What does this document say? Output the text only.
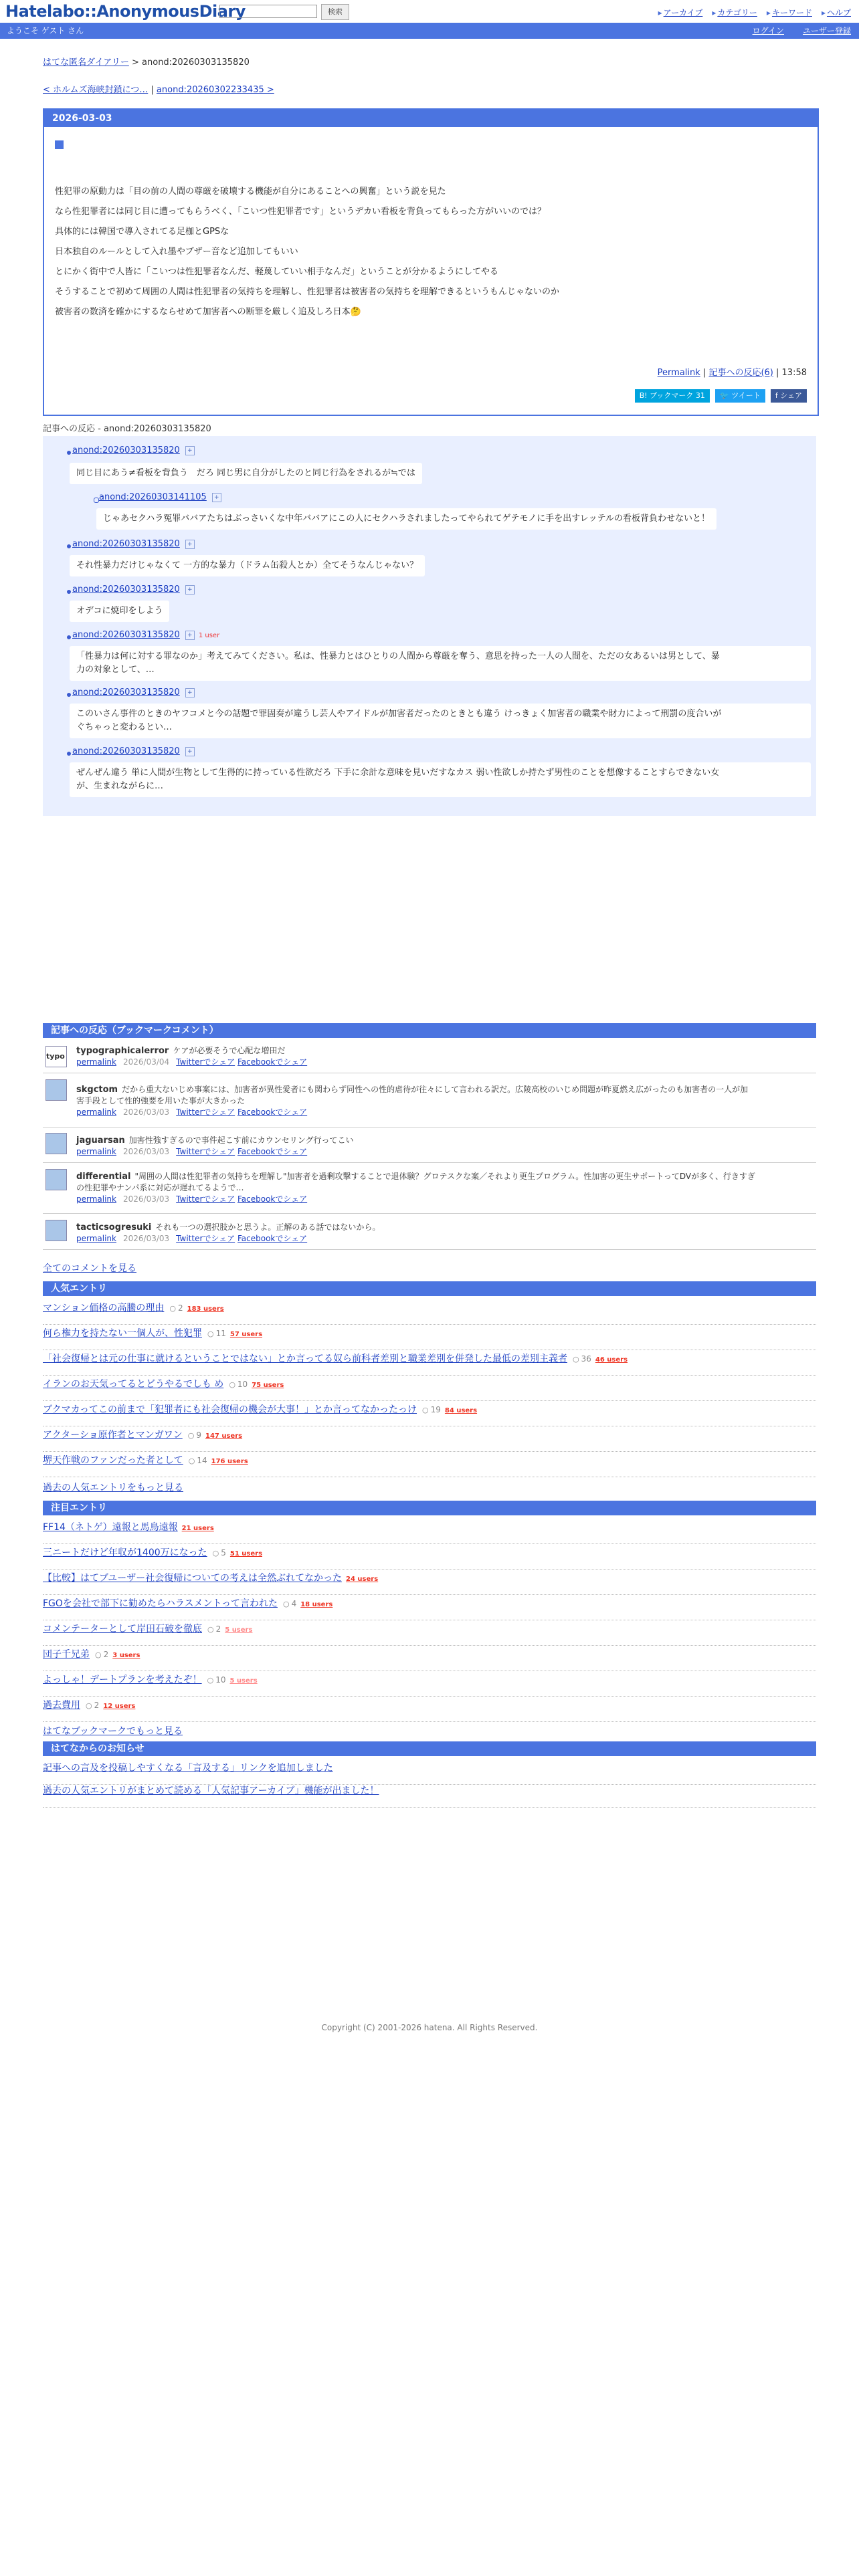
Hatelabo::AnonymousDiary	検索	▸ アーカイブ ▸ カテゴリー ▸ キーワード ▸ ヘルプ
ようこそ ゲスト さん	ログイン ユーザー登録
はてな匿名ダイアリー > anond:20260303135820
< ホルムズ海峡封鎖につ… | anond:20260302233435 >
2026-03-03
性犯罪の原動力は「目の前の人間の尊厳を破壊する機能が自分にあることへの興奮」という説を見た
なら性犯罪者には同じ目に遭ってもらうべく、「こいつ性犯罪者です」というデカい看板を背負ってもらった方がいいのでは？
具体的には韓国で導入されてる足枷とGPSな
日本独自のルールとして入れ墨やブザー音など追加してもいい
とにかく街中で人皆に「こいつは性犯罪者なんだ、軽蔑していい相手なんだ」ということが分かるようにしてやる
そうすることで初めて周囲の人間は性犯罪者の気持ちを理解し、性犯罪者は被害者の気持ちを理解できるというもんじゃないのか
被害者の数済を確かにするならせめて加害者への断罪を厳しく追及しろ日本🤔
Permalink | 記事への反応(6) | 13:58
B! ブックマーク 31 🐦 ツイート f シェア
記事への反応 - anond:20260303135820
anond:20260303135820 +
同じ目にあう≠看板を背負う　だろ 同じ男に自分がしたのと同じ行為をされるが≒では
anond:20260303141105 +
じゃあセクハラ冤罪ババアたちはぶっさいくな中年ババアにこの人にセクハラされましたってやられてゲテモノに手を出すレッテルの看板背負わせないと！
anond:20260303135820 +
それ性暴力だけじゃなくて 一方的な暴力（ドラム缶殺人とか）全てそうなんじゃない？
anond:20260303135820 +
オデコに焼印をしよう
anond:20260303135820 + 1 user
「性暴力は何に対する罪なのか」考えてみてください。私は、性暴力とはひとりの人間から尊厳を奪う、意思を持った一人の人間を、ただの女あるいは男として、暴
力の対象として、…
anond:20260303135820 +
このいさん事件のときのヤフコメと今の話題で罪固奏が違うし芸人やアイドルが加害者だったのときとも違う けっきょく加害者の職業や財力によって刑罰の度合いが
ぐちゃっと変わるとい…
anond:20260303135820 +
ぜんぜん違う 単に人間が生物として生得的に持っている性欲だろ 下手に余計な意味を見いだすなカス 弱い性欲しか持たず男性のことを想像することすらできない女
が、生まれながらに…
記事への反応（ブックマークコメント）
typo
typographicalerror ケアが必要そうで心配な増田だ
permalink 2026/03/04 Twitterでシェア Facebookでシェア
skgctom だから重大ないじめ事案には、加害者が異性愛者にも関わらず同性への性的虐待が往々にして言われる訳だ。広陵高校のいじめ問題が昨夏燃え広がったのも加害者の一人が加
害手段として性的強要を用いた事が大きかった
permalink 2026/03/03 Twitterでシェア Facebookでシェア
jaguarsan 加害性強すぎるので事件起こす前にカウンセリング行ってこい
permalink 2026/03/03 Twitterでシェア Facebookでシェア
differential "周囲の人間は性犯罪者の気持ちを理解し"加害者を過剰攻撃することで退体験？グロテスクな案／それより更生プログラム。性加害の更生サポートってDVが多く、行きすぎ
の性犯罪やナンパ系に対応が遅れてるようで…
permalink 2026/03/03 Twitterでシェア Facebookでシェア
tacticsogresuki それも一つの選択肢かと思うよ。正解のある話ではないから。
permalink 2026/03/03 Twitterでシェア Facebookでシェア
全てのコメントを見る
人気エントリ
マンション価格の高騰の理由 ○ 2 183 users
何ら権力を持たない一個人が、性犯罪 ○ 11 57 users
「社会復帰とは元の仕事に就けるということではない」とか言ってる奴ら前科者差別と職業差別を併発した最低の差別主義者 ○ 36 46 users
イランのお天気ってるとどうやるでしも め ○ 10 75 users
ブクマカってこの前まで「犯罪者にも社会復帰の機会が大事！」とか言ってなかったっけ ○ 19 84 users
アクターショ原作者とマンガワン ○ 9 147 users
堺天作戦のファンだった者として ○ 14 176 users
過去の人気エントリをもっと見る
注目エントリ
FF14（ネトゲ）遠報と馬鳥遠報 21 users
三ニートだけど年収が1400万になった ○ 5 51 users
【比較】はてブユーザー社会復帰についての考えは全然ぶれてなかった 24 users
FGOを会社で部下に勧めたらハラスメントって言われた ○ 4 18 users
コメンテーターとして岸田石破を徹底 ○ 2 5 users
団子千兄弟 ○ 2 3 users
よっしゃ！デートプランを考えたぞ！ ○ 10 5 users
過去費用 ○ 2 12 users
はてなブックマークでもっと見る
はてなからのお知らせ
記事への言及を投稿しやすくなる「言及する」リンクを追加しました
過去の人気エントリがまとめて読める「人気記事アーカイブ」機能が出ました！
Copyright (C) 2001-2026 hatena. All Rights Reserved.
